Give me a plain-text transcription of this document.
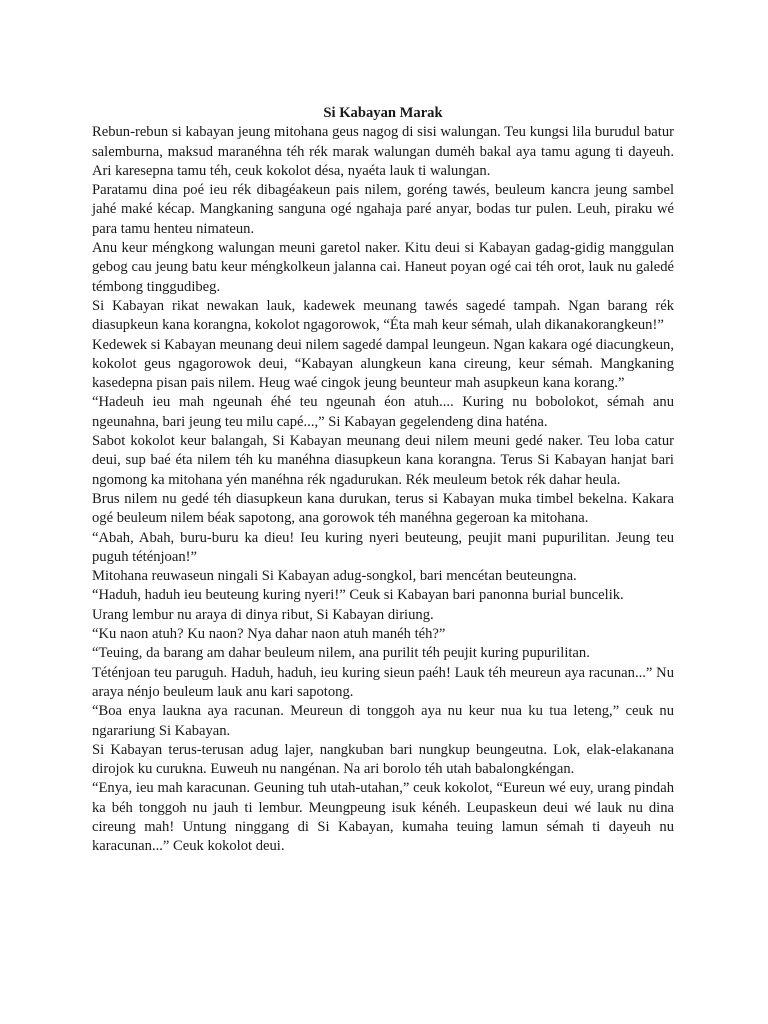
Si Kabayan Marak

Rebun-rebun si kabayan jeung mitohana geus nagog di sisi walungan. Teu kungsi lila burudul batur salemburna, maksud maranéhna téh rék marak walungan dumėh bakal aya tamu agung ti dayeuh. Ari karesepna tamu téh, ceuk kokolot désa, nyaéta lauk ti walungan.

Paratamu dina poé ieu rék dibagéakeun pais nilem, goréng tawés, beuleum kancra jeung sambel jahé maké kécap. Mangkaning sanguna ogé ngahaja paré anyar, bodas tur pulen. Leuh, piraku wé para tamu henteu nimateun.

Anu keur méngkong walungan meuni garetol naker. Kitu deui si Kabayan gadag-gidig manggulan gebog cau jeung batu keur méngkolkeun jalanna cai. Haneut poyan ogé cai téh orot, lauk nu galedé témbong tinggudibeg.

Si Kabayan rikat newakan lauk, kadewek meunang tawés sagedé tampah. Ngan barang rék diasupkeun kana korangna, kokolot ngagorowok, “Éta mah keur sémah, ulah dikanakorangkeun!”

Kedewek si Kabayan meunang deui nilem sagedé dampal leungeun. Ngan kakara ogé diacungkeun, kokolot geus ngagorowok deui, “Kabayan alungkeun kana cireung, keur sémah. Mangkaning kasedepna pisan pais nilem. Heug waé cingok jeung beunteur mah asupkeun kana korang.”

“Hadeuh ieu mah ngeunah éhé teu ngeunah éon atuh.... Kuring nu bobolokot, sémah anu ngeunahna, bari jeung teu milu capé...,” Si Kabayan gegelendeng dina haténa.

Sabot kokolot keur balangah, Si Kabayan meunang deui nilem meuni gedé naker. Teu loba catur deui, sup baé éta nilem téh ku manéhna diasupkeun kana korangna. Terus Si Kabayan hanjat bari ngomong ka mitohana yén manéhna rék ngadurukan. Rék meuleum betok rék dahar heula.

Brus nilem nu gedé téh diasupkeun kana durukan, terus si Kabayan muka timbel bekelna. Kakara ogé beuleum nilem béak sapotong, ana gorowok téh manéhna gegeroan ka mitohana.

“Abah, Abah, buru-buru ka dieu! Ieu kuring nyeri beuteung, peujit mani pupurilitan. Jeung teu puguh téténjoan!”

Mitohana reuwaseun ningali Si Kabayan adug-songkol, bari mencétan beuteungna.

“Haduh, haduh ieu beuteung kuring nyeri!” Ceuk si Kabayan bari panonna burial buncelik.

Urang lembur nu araya di dinya ribut, Si Kabayan diriung.

“Ku naon atuh? Ku naon? Nya dahar naon atuh manéh téh?”

“Teuing, da barang am dahar beuleum nilem, ana purilit téh peujit kuring pupurilitan.

Téténjoan teu paruguh. Haduh, haduh, ieu kuring sieun paéh! Lauk téh meureun aya racunan...” Nu araya nénjo beuleum lauk anu kari sapotong.

“Boa enya laukna aya racunan. Meureun di tonggoh aya nu keur nua ku tua leteng,” ceuk nu ngarariung Si Kabayan.

Si Kabayan terus-terusan adug lajer, nangkuban bari nungkup beungeutna. Lok, elak-elakanana dirojok ku curukna. Euweuh nu nangénan. Na ari borolo téh utah babalongkéngan.

“Enya, ieu mah karacunan. Geuning tuh utah-utahan,” ceuk kokolot, “Eureun wé euy, urang pindah ka béh tonggoh nu jauh ti lembur. Meungpeung isuk kénéh. Leupaskeun deui wé lauk nu dina cireung mah! Untung ninggang di Si Kabayan, kumaha teuing lamun sémah ti dayeuh nu karacunan...” Ceuk kokolot deui.
